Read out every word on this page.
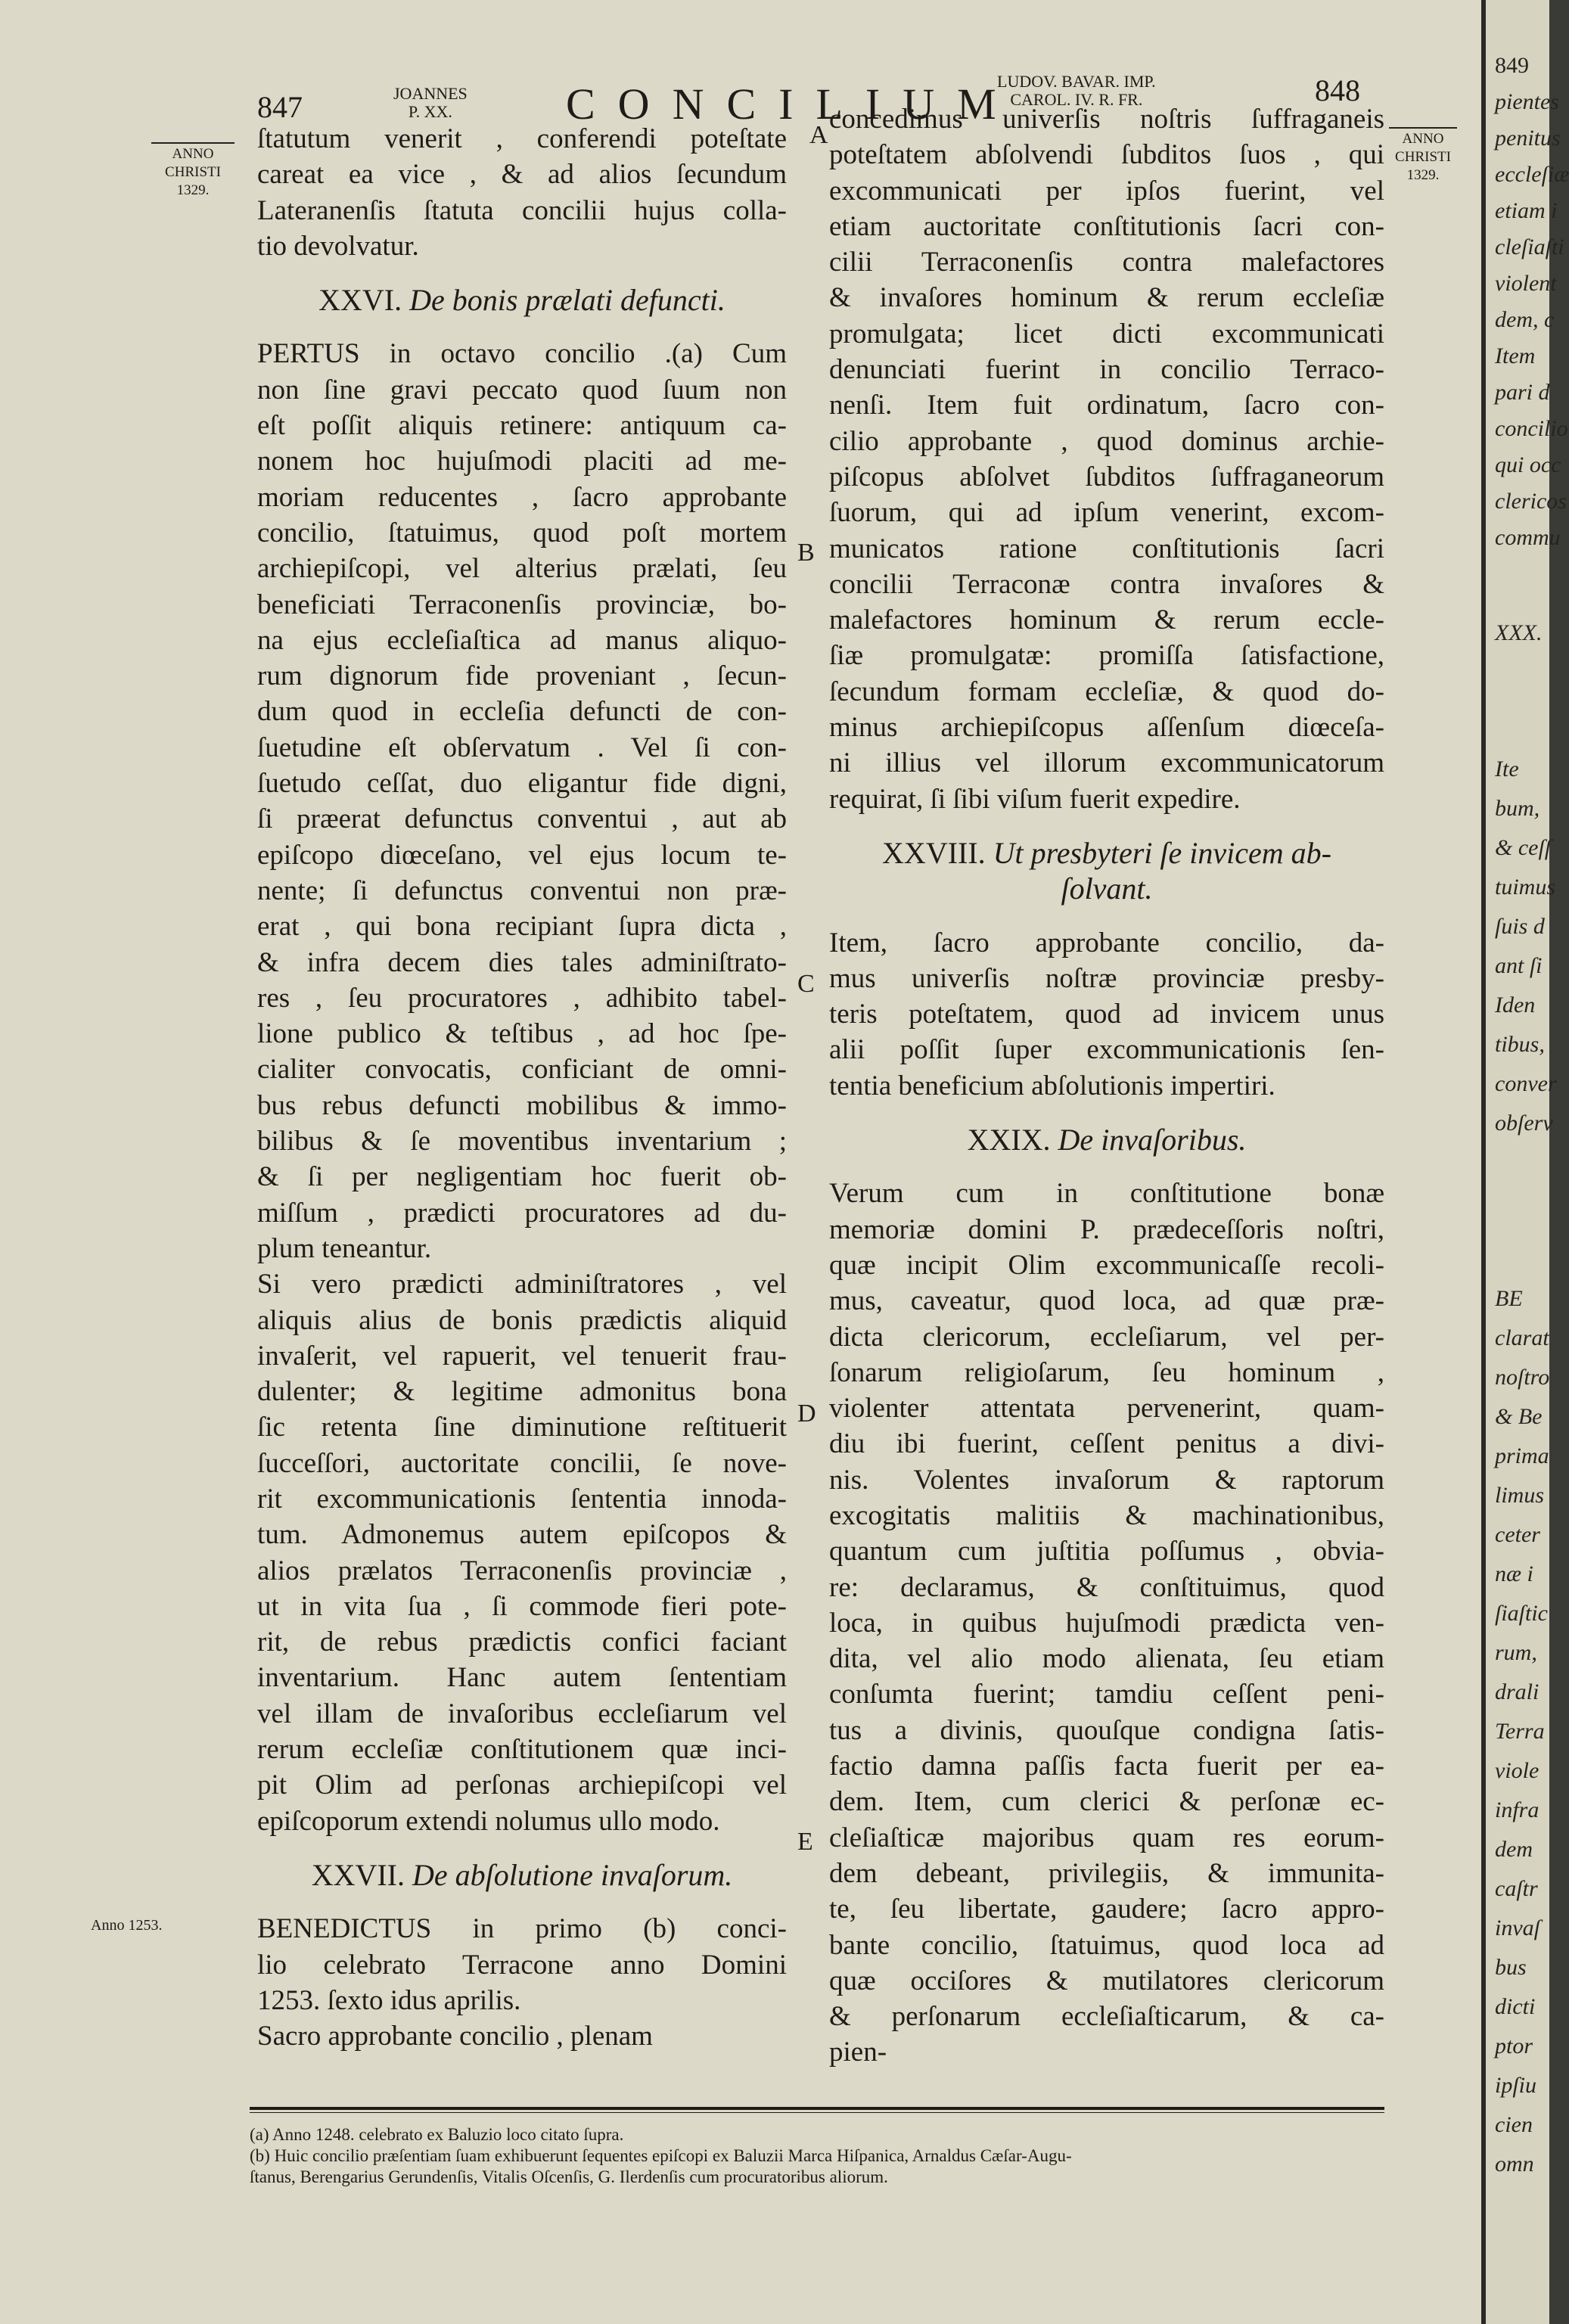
847	JOANNES
P. XX.	CONCILIUM
LUDOV. BAVAR. IMP.
CAROL. IV. R. FR.	848
ANNO
CHRISTI
1329.
ANNO
CHRISTI
1329.
Anno 1253.
A
B
C
D
E
ſtatutum venerit , conferendi poteſtate
careat ea vice , & ad alios ſecundum
Lateranenſis ſtatuta concilii hujus colla-
tio devolvatur.
XXVI. De bonis prælati defuncti.
PERTUS in octavo concilio .(a) Cum
non ſine gravi peccato quod ſuum non
eſt poſſit aliquis retinere: antiquum ca-
nonem hoc hujuſmodi placiti ad me-
moriam reducentes , ſacro approbante
concilio, ſtatuimus, quod poſt mortem
archiepiſcopi, vel alterius prælati, ſeu
beneficiati Terraconenſis provinciæ, bo-
na ejus eccleſiaſtica ad manus aliquo-
rum dignorum fide proveniant , ſecun-
dum quod in eccleſia defuncti de con-
ſuetudine eſt obſervatum . Vel ſi con-
ſuetudo ceſſat, duo eligantur fide digni,
ſi præerat defunctus conventui , aut ab
epiſcopo diœceſano, vel ejus locum te-
nente; ſi defunctus conventui non præ-
erat , qui bona recipiant ſupra dicta ,
& infra decem dies tales adminiſtrato-
res , ſeu procuratores , adhibito tabel-
lione publico & teſtibus , ad hoc ſpe-
cialiter convocatis, conficiant de omni-
bus rebus defuncti mobilibus & immo-
bilibus & ſe moventibus inventarium ;
& ſi per negligentiam hoc fuerit ob-
miſſum , prædicti procuratores ad du-
plum teneantur.
Si vero prædicti adminiſtratores , vel
aliquis alius de bonis prædictis aliquid
invaſerit, vel rapuerit, vel tenuerit frau-
dulenter; & legitime admonitus bona
ſic retenta ſine diminutione reſtituerit
ſucceſſori, auctoritate concilii, ſe nove-
rit excommunicationis ſententia innoda-
tum. Admonemus autem epiſcopos &
alios prælatos Terraconenſis provinciæ ,
ut in vita ſua , ſi commode fieri pote-
rit, de rebus prædictis confici faciant
inventarium. Hanc autem ſententiam
vel illam de invaſoribus eccleſiarum vel
rerum eccleſiæ conſtitutionem quæ inci-
pit Olim ad perſonas archiepiſcopi vel
epiſcoporum extendi nolumus ullo modo.
XXVII. De abſolutione invaſorum.
BENEDICTUS in primo (b) conci-
lio celebrato Terracone anno Domini
1253. ſexto idus aprilis.
Sacro approbante concilio , plenam
concedimus univerſis noſtris ſuffraganeis
poteſtatem abſolvendi ſubditos ſuos , qui
excommunicati per ipſos fuerint, vel
etiam auctoritate conſtitutionis ſacri con-
cilii Terraconenſis contra malefactores
& invaſores hominum & rerum eccleſiæ
promulgata; licet dicti excommunicati
denunciati fuerint in concilio Terraco-
nenſi. Item fuit ordinatum, ſacro con-
cilio approbante , quod dominus archie-
piſcopus abſolvet ſubditos ſuffraganeorum
ſuorum, qui ad ipſum venerint, excom-
municatos ratione conſtitutionis ſacri
concilii Terraconæ contra invaſores &
malefactores hominum & rerum eccle-
ſiæ promulgatæ: promiſſa ſatisfactione,
ſecundum formam eccleſiæ, & quod do-
minus archiepiſcopus aſſenſum diœceſa-
ni illius vel illorum excommunicatorum
requirat, ſi ſibi viſum fuerit expedire.
XXVIII. Ut presbyteri ſe invicem ab-
ſolvant.
Item, ſacro approbante concilio, da-
mus univerſis noſtræ provinciæ presby-
teris poteſtatem, quod ad invicem unus
alii poſſit ſuper excommunicationis ſen-
tentia beneficium abſolutionis impertiri.
XXIX. De invaſoribus.
Verum cum in conſtitutione bonæ
memoriæ domini P. prædeceſſoris noſtri,
quæ incipit Olim excommunicaſſe recoli-
mus, caveatur, quod loca, ad quæ præ-
dicta clericorum, eccleſiarum, vel per-
ſonarum religioſarum, ſeu hominum ,
violenter attentata pervenerint, quam-
diu ibi fuerint, ceſſent penitus a divi-
nis. Volentes invaſorum & raptorum
excogitatis malitiis & machinationibus,
quantum cum juſtitia poſſumus , obvia-
re: declaramus, & conſtituimus, quod
loca, in quibus hujuſmodi prædicta ven-
dita, vel alio modo alienata, ſeu etiam
conſumta fuerint; tamdiu ceſſent peni-
tus a divinis, quouſque condigna ſatis-
factio damna paſſis facta fuerit per ea-
dem. Item, cum clerici & perſonæ ec-
cleſiaſticæ majoribus quam res eorum-
dem debeant, privilegiis, & immunita-
te, ſeu libertate, gaudere; ſacro appro-
bante concilio, ſtatuimus, quod loca ad
quæ occiſores & mutilatores clericorum
& perſonarum eccleſiaſticarum, & ca-
pien-
(a) Anno 1248. celebrato ex Baluzio loco citato ſupra.
(b) Huic concilio præſentiam ſuam exhibuerunt ſequentes epiſcopi ex Baluzii Marca Hiſpanica, Arnaldus Cæſar-Augu-
ſtanus, Berengarius Gerundenſis, Vitalis Oſcenſis, G. Ilerdenſis cum procuratoribus aliorum.
849
pientes
penitus
eccleſiæ
etiam i
cleſiaſti
violent
dem, c
Item
pari d
concilio
qui occ
clericos
commu
XXX.
Ite
bum,
& ceſſ
tuimus
ſuis d
ant ſi
Iden
tibus,
conver
obſerv
BE
clarat
noſtro
& Be
prima
limus
ceter
næ i
ſiaſtic
rum,
drali
Terra
viole
infra
dem
caſtr
invaſ
bus
dicti
ptor
ipſiu
cien
omn
